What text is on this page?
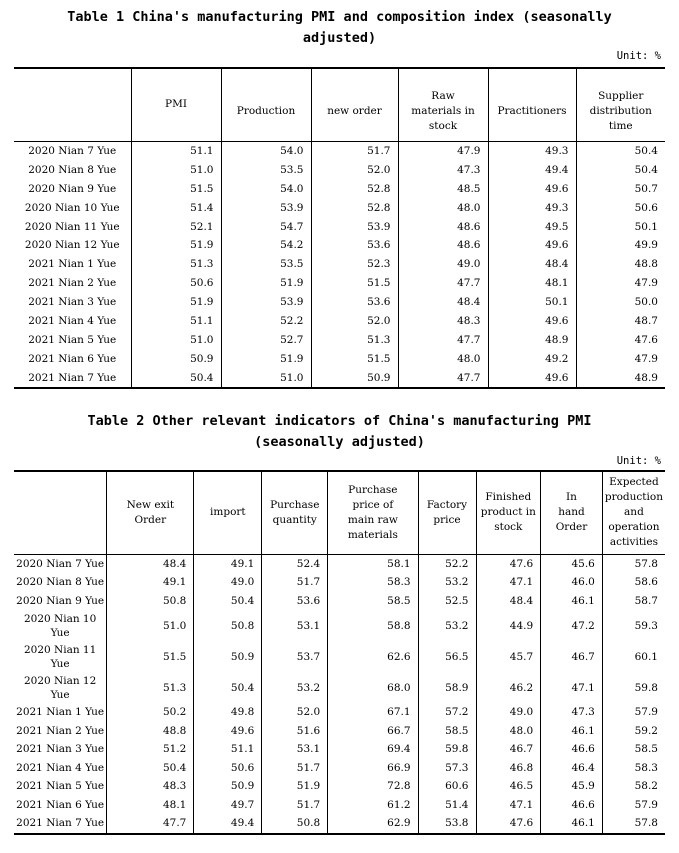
Table 1 China's manufacturing PMI and composition index (seasonally
adjusted)
Unit: %
	PMI	Production	new order	Raw materials in stock	Practitioners	Supplier distribution time
2020 Nian 7 Yue	51.1	54.0	51.7	47.9	49.3	50.4
2020 Nian 8 Yue	51.0	53.5	52.0	47.3	49.4	50.4
2020 Nian 9 Yue	51.5	54.0	52.8	48.5	49.6	50.7
2020 Nian 10 Yue	51.4	53.9	52.8	48.0	49.3	50.6
2020 Nian 11 Yue	52.1	54.7	53.9	48.6	49.5	50.1
2020 Nian 12 Yue	51.9	54.2	53.6	48.6	49.6	49.9
2021 Nian 1 Yue	51.3	53.5	52.3	49.0	48.4	48.8
2021 Nian 2 Yue	50.6	51.9	51.5	47.7	48.1	47.9
2021 Nian 3 Yue	51.9	53.9	53.6	48.4	50.1	50.0
2021 Nian 4 Yue	51.1	52.2	52.0	48.3	49.6	48.7
2021 Nian 5 Yue	51.0	52.7	51.3	47.7	48.9	47.6
2021 Nian 6 Yue	50.9	51.9	51.5	48.0	49.2	47.9
2021 Nian 7 Yue	50.4	51.0	50.9	47.7	49.6	48.9
Table 2 Other relevant indicators of China's manufacturing PMI
(seasonally adjusted)
Unit: %
	New exit Order	import	Purchase quantity	Purchase price of main raw materials	Factory price	Finished product in stock	In hand Order	Expected production and operation activities
2020 Nian 7 Yue	48.4	49.1	52.4	58.1	52.2	47.6	45.6	57.8
2020 Nian 8 Yue	49.1	49.0	51.7	58.3	53.2	47.1	46.0	58.6
2020 Nian 9 Yue	50.8	50.4	53.6	58.5	52.5	48.4	46.1	58.7
2020 Nian 10 Yue	51.0	50.8	53.1	58.8	53.2	44.9	47.2	59.3
2020 Nian 11 Yue	51.5	50.9	53.7	62.6	56.5	45.7	46.7	60.1
2020 Nian 12 Yue	51.3	50.4	53.2	68.0	58.9	46.2	47.1	59.8
2021 Nian 1 Yue	50.2	49.8	52.0	67.1	57.2	49.0	47.3	57.9
2021 Nian 2 Yue	48.8	49.6	51.6	66.7	58.5	48.0	46.1	59.2
2021 Nian 3 Yue	51.2	51.1	53.1	69.4	59.8	46.7	46.6	58.5
2021 Nian 4 Yue	50.4	50.6	51.7	66.9	57.3	46.8	46.4	58.3
2021 Nian 5 Yue	48.3	50.9	51.9	72.8	60.6	46.5	45.9	58.2
2021 Nian 6 Yue	48.1	49.7	51.7	61.2	51.4	47.1	46.6	57.9
2021 Nian 7 Yue	47.7	49.4	50.8	62.9	53.8	47.6	46.1	57.8
